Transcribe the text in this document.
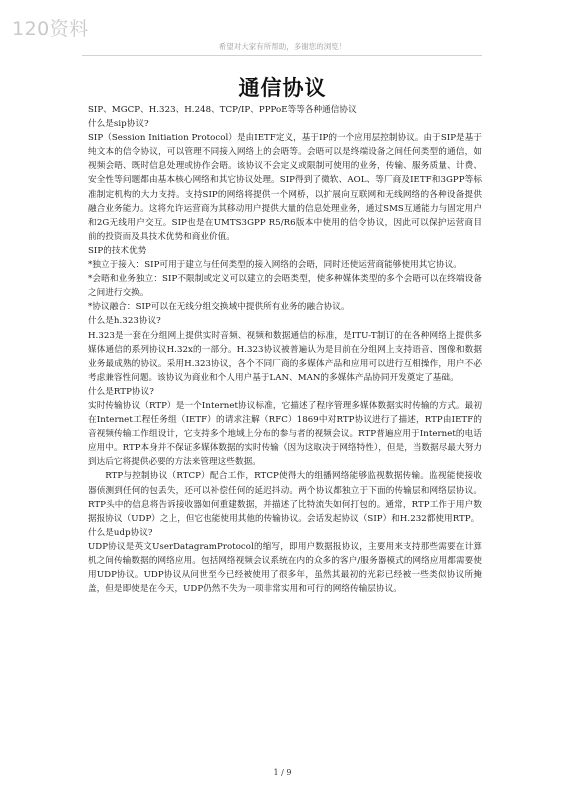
120资料
希望对大家有所帮助，多谢您的浏览！
通信协议

SIP、MGCP、H.323、H.248、TCP/IP、PPPoE等等各种通信协议

什么是sip协议?

SIP（Session Initiation Protocol）是由IETF定义，基于IP的一个应用层控制协议。由于SIP是基于纯文本的信令协议，可以管理不同接入网络上的会晤等。会晤可以是终端设备之间任何类型的通信，如视频会晤、既时信息处理或协作会晤。该协议不会定义或限制可使用的业务，传输、服务质量、计费、安全性等问题都由基本核心网络和其它协议处理。SIP得到了微软、AOL、等厂商及IETF和3GPP等标准制定机构的大力支持。支持SIP的网络将提供一个网桥，以扩展向互联网和无线网络的各种设备提供融合业务能力。这将允许运营商为其移动用户提供大量的信息处理业务，通过SMS互通能力与固定用户和2G无线用户交互。SIP也是在UMTS3GPP R5/R6版本中使用的信令协议，因此可以保护运营商目前的投资而及具技术优势和商业价值。

SIP的技术优势

*独立于接入：SIP可用于建立与任何类型的接入网络的会晤，同时还使运营商能够使用其它协议。

*会晤和业务独立：SIP不限制或定义可以建立的会晤类型，使多种媒体类型的多个会晤可以在终端设备之间进行交换。

*协议融合：SIP可以在无线分组交换域中提供所有业务的融合协议。

什么是h.323协议?

H.323是一套在分组网上提供实时音频、视频和数据通信的标准，是ITU-T制订的在各种网络上提供多媒体通信的系列协议H.32x的一部分。H.323协议被普遍认为是目前在分组网上支持语音、图像和数据业务最成熟的协议。采用H.323协议，各个不同厂商的多媒体产品和应用可以进行互相操作，用户不必考虑兼容性问题。该协议为商业和个人用户基于LAN、MAN的多媒体产品协同开发奠定了基础。

什么是RTP协议?

实时传输协议（RTP）是一个Internet协议标准，它描述了程序管理多媒体数据实时传输的方式。最初在Internet工程任务组（IETF）的请求注解（RFC）1869中对RTP协议进行了描述，RTP由IETF的音视频传输工作组设计，它支持多个地域上分布的参与者的视频会议。RTP普遍应用于Internet的电话应用中。RTP本身并不保证多媒体数据的实时传输（因为这取决于网络特性），但是，当数据尽最大努力到达后它将提供必要的方法来管理这些数据。

RTP与控制协议（RTCP）配合工作，RTCP使得大的组播网络能够监视数据传输。监视能使接收器侦测到任何的包丢失，还可以补偿任何的延迟抖动。两个协议都独立于下面的传输层和网络层协议。RTP头中的信息将告诉接收器如何重建数据，并描述了比特流失如何打包的。通常，RTP工作于用户数据报协议（UDP）之上，但它也能使用其他的传输协议。会话发起协议（SIP）和H.232都使用RTP。

什么是udp协议?

UDP协议是英文UserDatagramProtocol的缩写，即用户数据报协议，主要用来支持那些需要在计算机之间传输数据的网络应用。包括网络视频会议系统在内的众多的客户/服务器模式的网络应用都需要使用UDP协议。UDP协议从问世至今已经被使用了很多年，虽然其最初的光彩已经被一些类似协议所掩盖，但是即使是在今天，UDP仍然不失为一项非常实用和可行的网络传输层协议。

1 / 9
